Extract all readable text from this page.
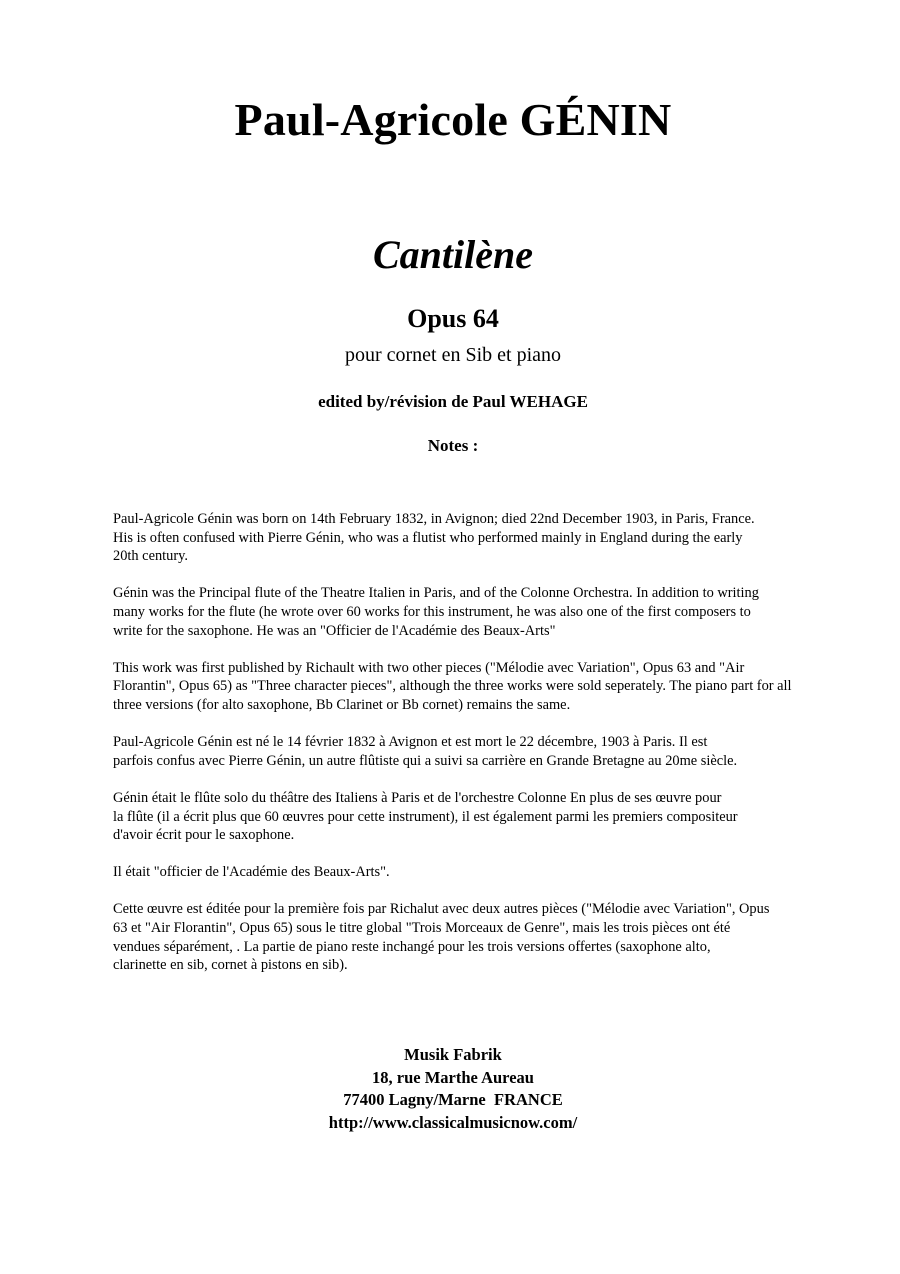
Paul-Agricole GÉNIN
Cantilène
Opus 64
pour cornet en Sib et piano
edited by/révision de Paul WEHAGE
Notes :

Paul-Agricole Génin was born on 14th February 1832, in Avignon; died 22nd December 1903, in Paris, France.
His is often confused with Pierre Génin, who was a flutist who performed mainly in England during the early
20th century.

Génin was the Principal flute of the Theatre Italien in Paris, and of the Colonne Orchestra. In addition to writing
many works for the flute (he wrote over 60 works for this instrument, he was also one of the first composers to
write for the saxophone. He was an "Officier de l'Académie des Beaux-Arts"

This work was first published by Richault with two other pieces ("Mélodie avec Variation", Opus 63 and "Air
Florantin", Opus 65) as "Three character pieces", although the three works were sold seperately. The piano part for all
three versions (for alto saxophone, Bb Clarinet or Bb cornet) remains the same.

Paul-Agricole Génin est né le 14 février 1832 à Avignon et est mort le 22 décembre, 1903 à Paris. Il est
parfois confus avec Pierre Génin, un autre flûtiste qui a suivi sa carrière en Grande Bretagne au 20me siècle.

Génin était le flûte solo du théâtre des Italiens à Paris et de l'orchestre Colonne En plus de ses œuvre pour
la flûte (il a écrit plus que 60 œuvres pour cette instrument), il est également parmi les premiers compositeur
d'avoir écrit pour le saxophone.

Il était "officier de l'Académie des Beaux-Arts".

Cette œuvre est éditée pour la première fois par Richalut avec deux autres pièces ("Mélodie avec Variation", Opus
63 et "Air Florantin", Opus 65) sous le titre global "Trois Morceaux de Genre", mais les trois pièces ont été
vendues séparément, . La partie de piano reste inchangé pour les trois versions offertes (saxophone alto,
clarinette en sib, cornet à pistons en sib).

Musik Fabrik
18, rue Marthe Aureau
77400 Lagny/Marne  FRANCE
http://www.classicalmusicnow.com/
